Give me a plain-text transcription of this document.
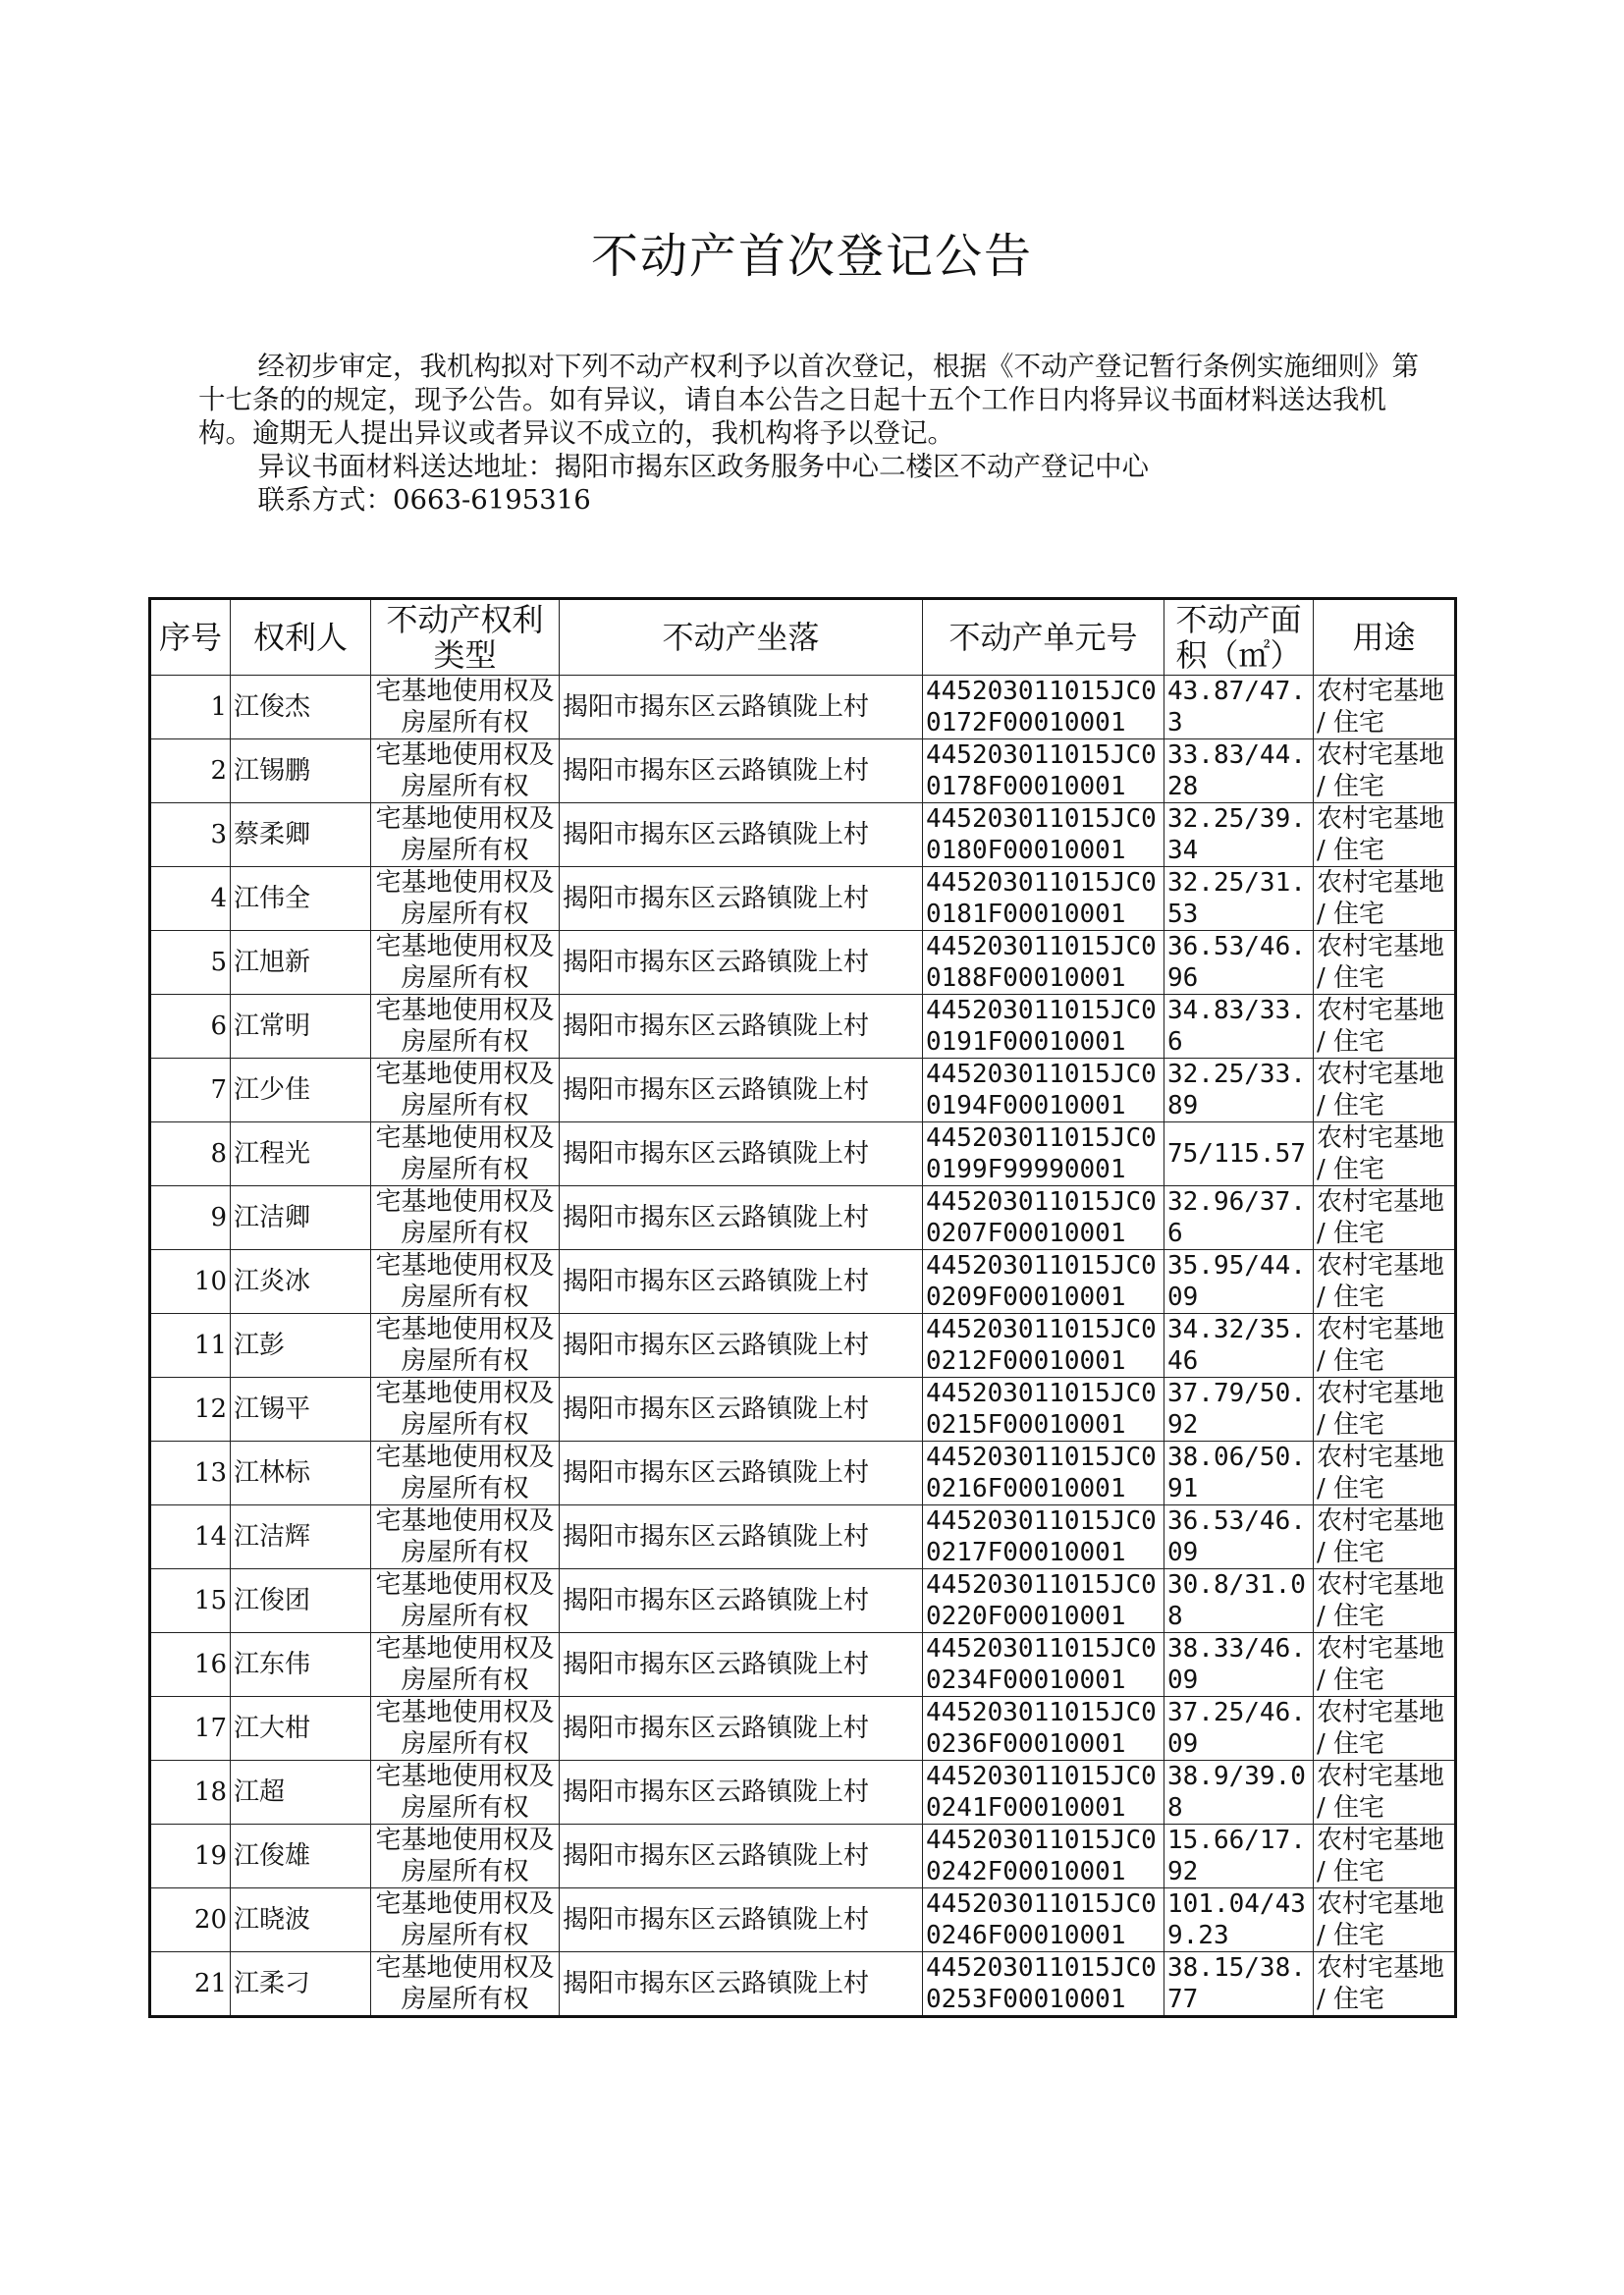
不动产首次登记公告

经初步审定，我机构拟对下列不动产权利予以首次登记，根据《不动产登记暂行条例实施细则》第十七条的的规定，现予公告。如有异议，请自本公告之日起十五个工作日内将异议书面材料送达我机构。逾期无人提出异议或者异议不成立的，我机构将予以登记。

异议书面材料送达地址：揭阳市揭东区政务服务中心二楼区不动产登记中心

联系方式：0663-6195316

序号	权利人	不动产权利类型	不动产坐落	不动产单元号	不动产面积（㎡）	用途
1	江俊杰	宅基地使用权及房屋所有权	揭阳市揭东区云路镇陇上村	445203011015JC00172F00010001	43.87/47.3	农村宅基地 / 住宅
2	江锡鹏	宅基地使用权及房屋所有权	揭阳市揭东区云路镇陇上村	445203011015JC00178F00010001	33.83/44.28	农村宅基地 / 住宅
3	蔡柔卿	宅基地使用权及房屋所有权	揭阳市揭东区云路镇陇上村	445203011015JC00180F00010001	32.25/39.34	农村宅基地 / 住宅
4	江伟全	宅基地使用权及房屋所有权	揭阳市揭东区云路镇陇上村	445203011015JC00181F00010001	32.25/31.53	农村宅基地 / 住宅
5	江旭新	宅基地使用权及房屋所有权	揭阳市揭东区云路镇陇上村	445203011015JC00188F00010001	36.53/46.96	农村宅基地 / 住宅
6	江常明	宅基地使用权及房屋所有权	揭阳市揭东区云路镇陇上村	445203011015JC00191F00010001	34.83/33.6	农村宅基地 / 住宅
7	江少佳	宅基地使用权及房屋所有权	揭阳市揭东区云路镇陇上村	445203011015JC00194F00010001	32.25/33.89	农村宅基地 / 住宅
8	江程光	宅基地使用权及房屋所有权	揭阳市揭东区云路镇陇上村	445203011015JC00199F99990001	75/115.57	农村宅基地 / 住宅
9	江洁卿	宅基地使用权及房屋所有权	揭阳市揭东区云路镇陇上村	445203011015JC00207F00010001	32.96/37.6	农村宅基地 / 住宅
10	江炎冰	宅基地使用权及房屋所有权	揭阳市揭东区云路镇陇上村	445203011015JC00209F00010001	35.95/44.09	农村宅基地 / 住宅
11	江彭	宅基地使用权及房屋所有权	揭阳市揭东区云路镇陇上村	445203011015JC00212F00010001	34.32/35.46	农村宅基地 / 住宅
12	江锡平	宅基地使用权及房屋所有权	揭阳市揭东区云路镇陇上村	445203011015JC00215F00010001	37.79/50.92	农村宅基地 / 住宅
13	江林标	宅基地使用权及房屋所有权	揭阳市揭东区云路镇陇上村	445203011015JC00216F00010001	38.06/50.91	农村宅基地 / 住宅
14	江洁辉	宅基地使用权及房屋所有权	揭阳市揭东区云路镇陇上村	445203011015JC00217F00010001	36.53/46.09	农村宅基地 / 住宅
15	江俊团	宅基地使用权及房屋所有权	揭阳市揭东区云路镇陇上村	445203011015JC00220F00010001	30.8/31.08	农村宅基地 / 住宅
16	江东伟	宅基地使用权及房屋所有权	揭阳市揭东区云路镇陇上村	445203011015JC00234F00010001	38.33/46.09	农村宅基地 / 住宅
17	江大柑	宅基地使用权及房屋所有权	揭阳市揭东区云路镇陇上村	445203011015JC00236F00010001	37.25/46.09	农村宅基地 / 住宅
18	江超	宅基地使用权及房屋所有权	揭阳市揭东区云路镇陇上村	445203011015JC00241F00010001	38.9/39.08	农村宅基地 / 住宅
19	江俊雄	宅基地使用权及房屋所有权	揭阳市揭东区云路镇陇上村	445203011015JC00242F00010001	15.66/17.92	农村宅基地 / 住宅
20	江晓波	宅基地使用权及房屋所有权	揭阳市揭东区云路镇陇上村	445203011015JC00246F00010001	101.04/439.23	农村宅基地 / 住宅
21	江柔刁	宅基地使用权及房屋所有权	揭阳市揭东区云路镇陇上村	445203011015JC00253F00010001	38.15/38.77	农村宅基地 / 住宅
